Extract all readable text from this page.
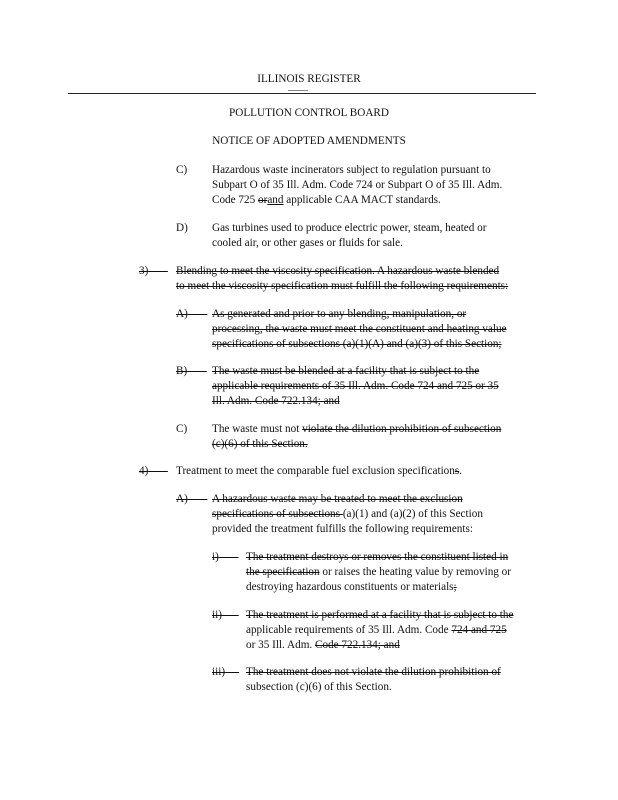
ILLINOIS REGISTER
POLLUTION CONTROL BOARD
NOTICE OF ADOPTED AMENDMENTS
C) Hazardous waste incinerators subject to regulation pursuant to
Subpart O of 35 Ill. Adm. Code 724 or Subpart O of 35 Ill. Adm.
Code 725 orand applicable CAA MACT standards.
D) Gas turbines used to produce electric power, steam, heated or
cooled air, or other gases or fluids for sale.
3)	Blending to meet the viscosity specification. A hazardous waste blended
to meet the viscosity specification must fulfill the following requirements:
A)	As generated and prior to any blending, manipulation, or
processing, the waste must meet the constituent and heating value
specifications of subsections (a)(1)(A) and (a)(3) of this Section;
B)	The waste must be blended at a facility that is subject to the
applicable requirements of 35 Ill. Adm. Code 724 and 725 or 35
Ill. Adm. Code 722.134; and
C) The waste must not violate the dilution prohibition of subsection
(c)(6) of this Section.
4)	Treatment to meet the comparable fuel exclusion specifications.
A)	A hazardous waste may be treated to meet the exclusion
specifications of subsections (a)(1) and (a)(2) of this Section
provided the treatment fulfills the following requirements:
i)	The treatment destroys or removes the constituent listed in
the specification or raises the heating value by removing or
destroying hazardous constituents or materials;
ii)	The treatment is performed at a facility that is subject to the
applicable requirements of 35 Ill. Adm. Code 724 and 725
or 35 Ill. Adm. Code 722.134; and
iii)	The treatment does not violate the dilution prohibition of
subsection (c)(6) of this Section.
